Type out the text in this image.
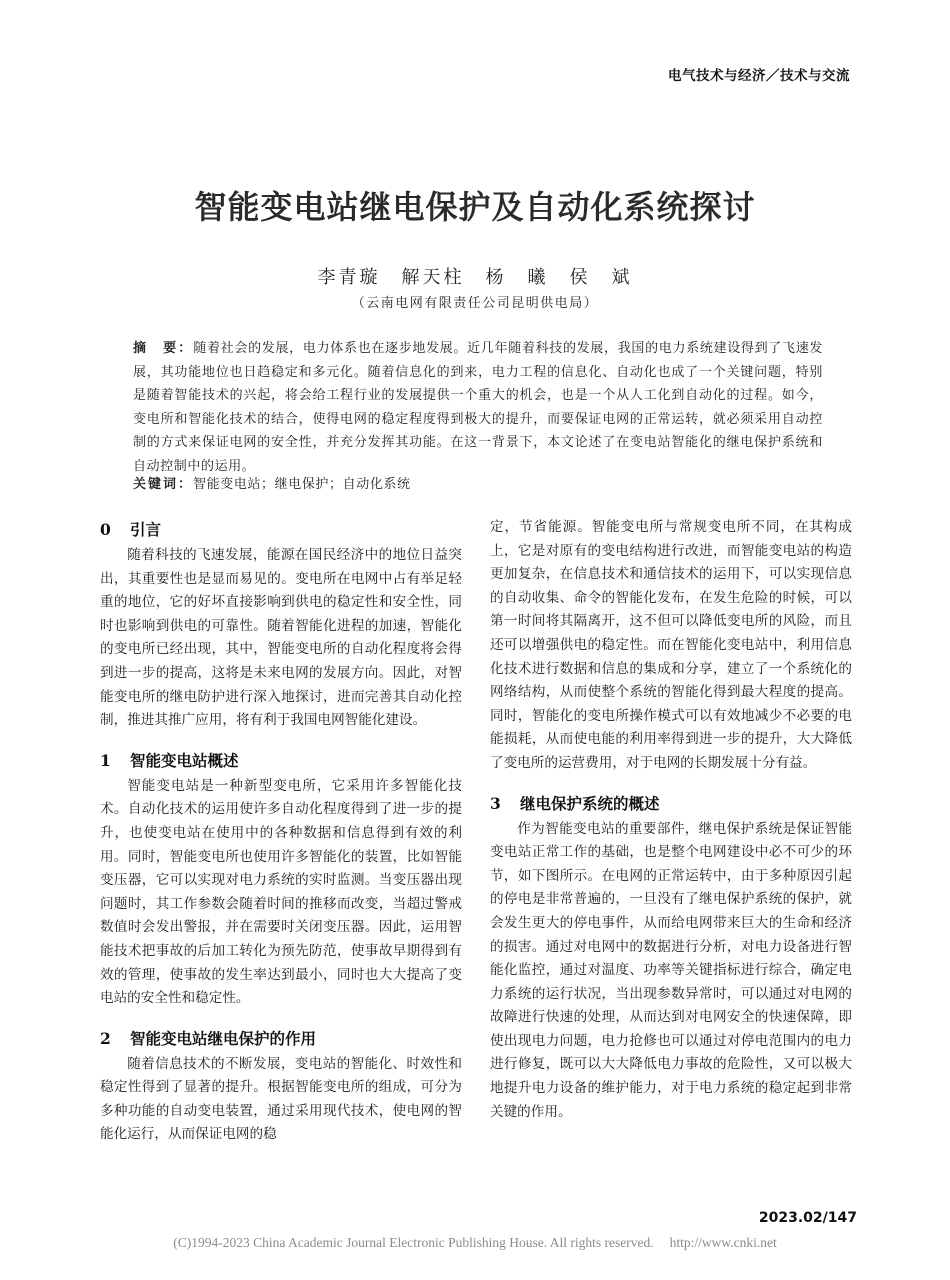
电气技术与经济／技术与交流
智能变电站继电保护及自动化系统探讨
李青璇　解天柱　杨　曦　侯　斌
（云南电网有限责任公司昆明供电局）
摘　要：随着社会的发展，电力体系也在逐步地发展。近几年随着科技的发展，我国的电力系统建设得到了飞速发展，其功能地位也日趋稳定和多元化。随着信息化的到来，电力工程的信息化、自动化也成了一个关键问题，特别是随着智能技术的兴起，将会给工程行业的发展提供一个重大的机会，也是一个从人工化到自动化的过程。如今，变电所和智能化技术的结合，使得电网的稳定程度得到极大的提升，而要保证电网的正常运转，就必须采用自动控制的方式来保证电网的安全性，并充分发挥其功能。在这一背景下，本文论述了在变电站智能化的继电保护系统和自动控制中的运用。
关键词：智能变电站；继电保护；自动化系统
0 引言

随着科技的飞速发展，能源在国民经济中的地位日益突出，其重要性也是显而易见的。变电所在电网中占有举足轻重的地位，它的好坏直接影响到供电的稳定性和安全性，同时也影响到供电的可靠性。随着智能化进程的加速，智能化的变电所已经出现，其中，智能变电所的自动化程度将会得到进一步的提高，这将是未来电网的发展方向。因此，对智能变电所的继电防护进行深入地探讨，进而完善其自动化控制，推进其推广应用，将有利于我国电网智能化建设。

1 智能变电站概述

智能变电站是一种新型变电所，它采用许多智能化技术。自动化技术的运用使许多自动化程度得到了进一步的提升，也使变电站在使用中的各种数据和信息得到有效的利用。同时，智能变电所也使用许多智能化的装置，比如智能变压器，它可以实现对电力系统的实时监测。当变压器出现问题时，其工作参数会随着时间的推移而改变，当超过警戒数值时会发出警报，并在需要时关闭变压器。因此，运用智能技术把事故的后加工转化为预先防范，使事故早期得到有效的管理，使事故的发生率达到最小，同时也大大提高了变电站的安全性和稳定性。

2 智能变电站继电保护的作用

随着信息技术的不断发展，变电站的智能化、时效性和稳定性得到了显著的提升。根据智能变电所的组成，可分为多种功能的自动变电装置，通过采用现代技术，使电网的智能化运行，从而保证电网的稳

定，节省能源。智能变电所与常规变电所不同，在其构成上，它是对原有的变电结构进行改进，而智能变电站的构造更加复杂，在信息技术和通信技术的运用下，可以实现信息的自动收集、命令的智能化发布，在发生危险的时候，可以第一时间将其隔离开，这不但可以降低变电所的风险，而且还可以增强供电的稳定性。而在智能化变电站中，利用信息化技术进行数据和信息的集成和分享，建立了一个系统化的网络结构，从而使整个系统的智能化得到最大程度的提高。同时，智能化的变电所操作模式可以有效地减少不必要的电能损耗，从而使电能的利用率得到进一步的提升，大大降低了变电所的运营费用，对于电网的长期发展十分有益。

3 继电保护系统的概述

作为智能变电站的重要部件，继电保护系统是保证智能变电站正常工作的基础，也是整个电网建设中必不可少的环节，如下图所示。在电网的正常运转中，由于多种原因引起的停电是非常普遍的，一旦没有了继电保护系统的保护，就会发生更大的停电事件，从而给电网带来巨大的生命和经济的损害。通过对电网中的数据进行分析，对电力设备进行智能化监控，通过对温度、功率等关键指标进行综合，确定电力系统的运行状况，当出现参数异常时，可以通过对电网的故障进行快速的处理，从而达到对电网安全的快速保障，即使出现电力问题，电力抢修也可以通过对停电范围内的电力进行修复，既可以大大降低电力事故的危险性，又可以极大地提升电力设备的维护能力，对于电力系统的稳定起到非常关键的作用。

2023.02/147
(C)1994-2023 China Academic Journal Electronic Publishing House. All rights reserved. http://www.cnki.net
